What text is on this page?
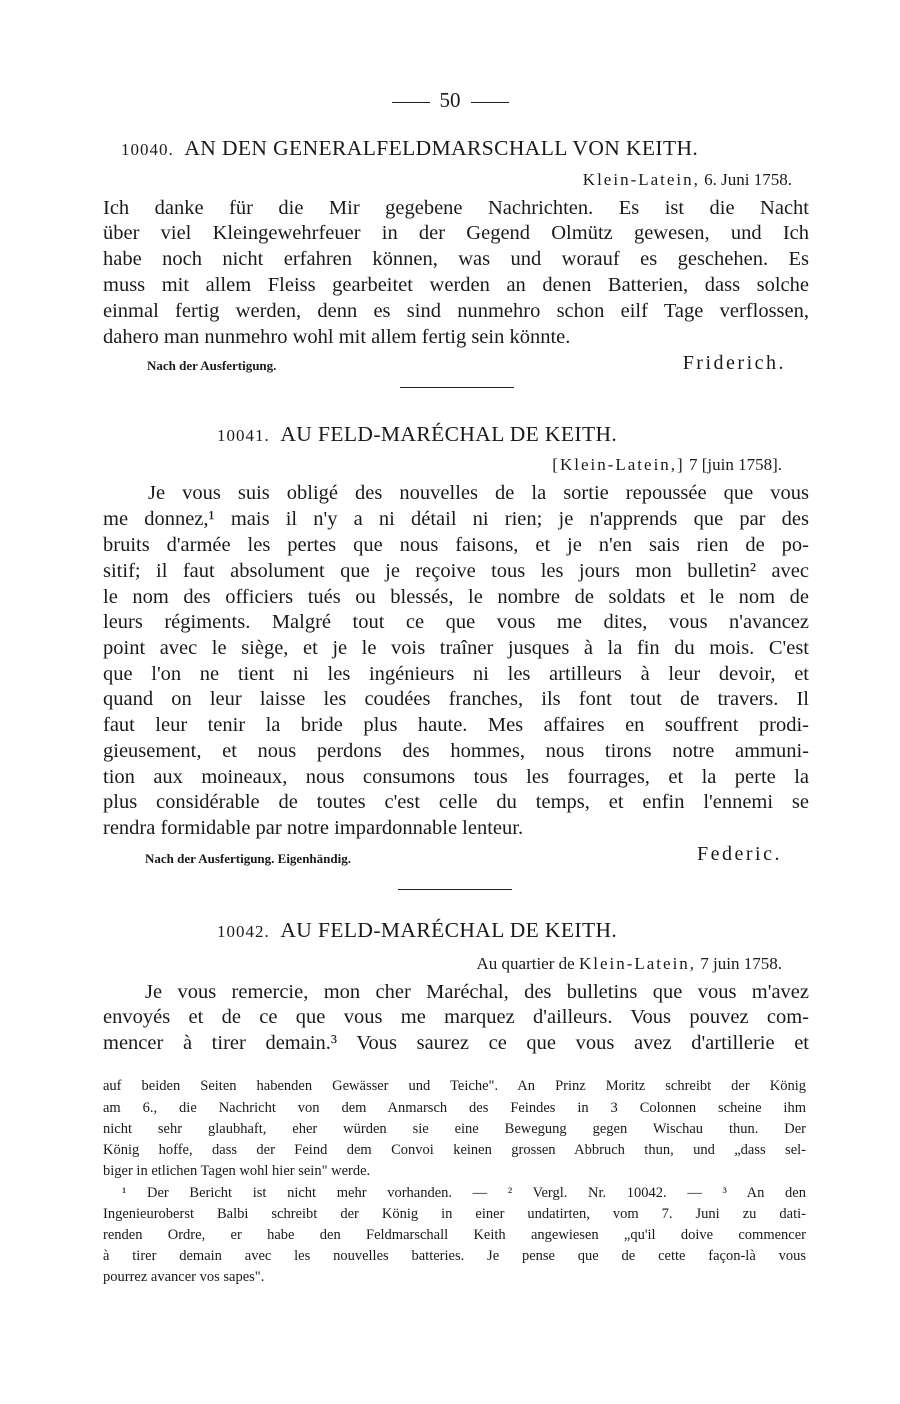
50
10040. AN DEN GENERALFELDMARSCHALL VON KEITH.
Klein-Latein, 6. Juni 1758.
Ich danke für die Mir gegebene Nachrichten. Es ist die Nacht
über viel Kleingewehrfeuer in der Gegend Olmütz gewesen, und Ich
habe noch nicht erfahren können, was und worauf es geschehen. Es
muss mit allem Fleiss gearbeitet werden an denen Batterien, dass solche
einmal fertig werden, denn es sind nunmehro schon eilf Tage verflossen,
dahero man nunmehro wohl mit allem fertig sein könnte.
Nach der Ausfertigung.	Friderich.
10041. AU FELD-MARÉCHAL DE KEITH.
[Klein-Latein,] 7 [juin 1758].
Je vous suis obligé des nouvelles de la sortie repoussée que vous
me donnez,¹ mais il n'y a ni détail ni rien; je n'apprends que par des
bruits d'armée les pertes que nous faisons, et je n'en sais rien de po-
sitif; il faut absolument que je reçoive tous les jours mon bulletin² avec
le nom des officiers tués ou blessés, le nombre de soldats et le nom de
leurs régiments. Malgré tout ce que vous me dites, vous n'avancez
point avec le siège, et je le vois traîner jusques à la fin du mois. C'est
que l'on ne tient ni les ingénieurs ni les artilleurs à leur devoir, et
quand on leur laisse les coudées franches, ils font tout de travers. Il
faut leur tenir la bride plus haute. Mes affaires en souffrent prodi-
gieusement, et nous perdons des hommes, nous tirons notre ammuni-
tion aux moineaux, nous consumons tous les fourrages, et la perte la
plus considérable de toutes c'est celle du temps, et enfin l'ennemi se
rendra formidable par notre impardonnable lenteur.
Nach der Ausfertigung. Eigenhändig.	Federic.
10042. AU FELD-MARÉCHAL DE KEITH.
Au quartier de Klein-Latein, 7 juin 1758.
Je vous remercie, mon cher Maréchal, des bulletins que vous m'avez
envoyés et de ce que vous me marquez d'ailleurs. Vous pouvez com-
mencer à tirer demain.³ Vous saurez ce que vous avez d'artillerie et
auf beiden Seiten habenden Gewässer und Teiche". An Prinz Moritz schreibt der König
am 6., die Nachricht von dem Anmarsch des Feindes in 3 Colonnen scheine ihm
nicht sehr glaubhaft, eher würden sie eine Bewegung gegen Wischau thun. Der
König hoffe, dass der Feind dem Convoi keinen grossen Abbruch thun, und „dass sel-
biger in etlichen Tagen wohl hier sein" werde.
¹ Der Bericht ist nicht mehr vorhanden. — ² Vergl. Nr. 10042. — ³ An den
Ingenieuroberst Balbi schreibt der König in einer undatirten, vom 7. Juni zu dati-
renden Ordre, er habe den Feldmarschall Keith angewiesen „qu'il doive commencer
à tirer demain avec les nouvelles batteries. Je pense que de cette façon-là vous
pourrez avancer vos sapes".
